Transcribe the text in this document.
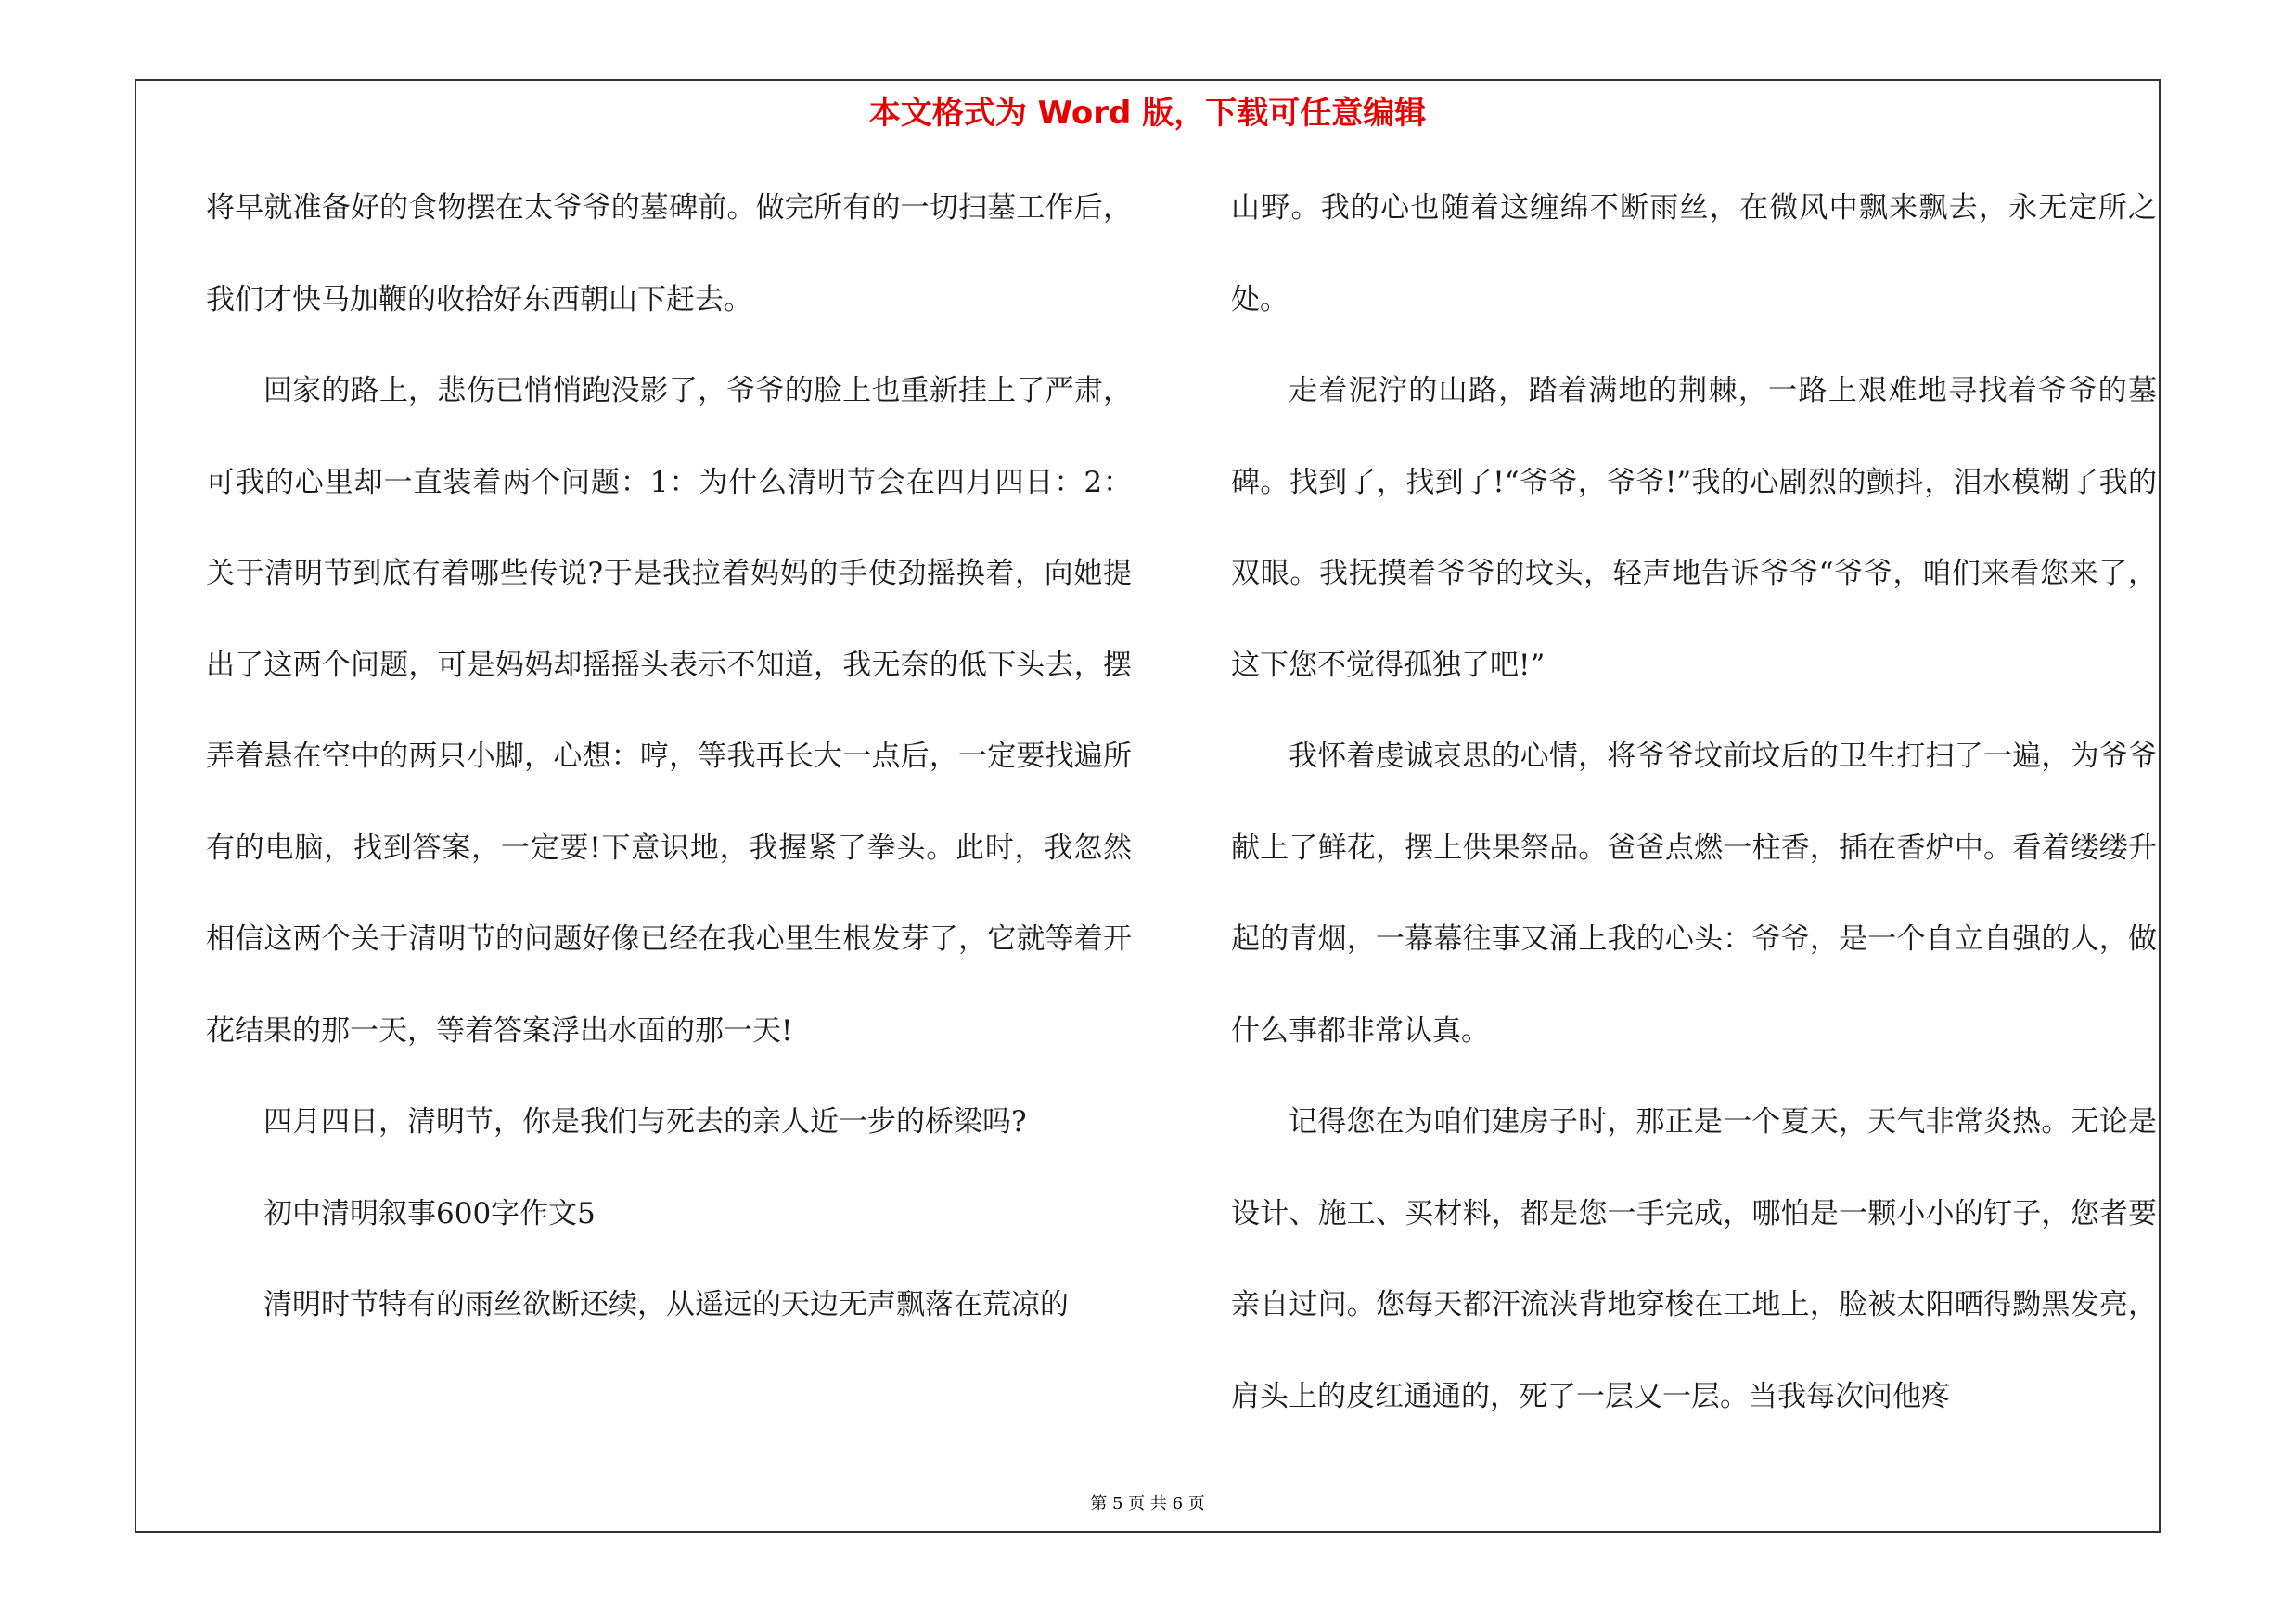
本文格式为 Word 版，下载可任意编辑

将早就准备好的食物摆在太爷爷的墓碑前。做完所有的一切扫墓工作后，我们才快马加鞭的收拾好东西朝山下赶去。

回家的路上，悲伤已悄悄跑没影了，爷爷的脸上也重新挂上了严肃，可我的心里却一直装着两个问题：1：为什么清明节会在四月四日：2：关于清明节到底有着哪些传说?于是我拉着妈妈的手使劲摇换着，向她提出了这两个问题，可是妈妈却摇摇头表示不知道，我无奈的低下头去，摆弄着悬在空中的两只小脚，心想：哼，等我再长大一点后，一定要找遍所有的电脑，找到答案，一定要!下意识地，我握紧了拳头。此时，我忽然相信这两个关于清明节的问题好像已经在我心里生根发芽了，它就等着开花结果的那一天，等着答案浮出水面的那一天!

四月四日，清明节，你是我们与死去的亲人近一步的桥梁吗?

初中清明叙事600字作文5

清明时节特有的雨丝欲断还续，从遥远的天边无声飘落在荒凉的

山野。我的心也随着这缠绵不断雨丝，在微风中飘来飘去，永无定所之处。

走着泥泞的山路，踏着满地的荆棘，一路上艰难地寻找着爷爷的墓碑。找到了，找到了!“爷爷，爷爷!”我的心剧烈的颤抖，泪水模糊了我的双眼。我抚摸着爷爷的坟头，轻声地告诉爷爷“爷爷，咱们来看您来了，这下您不觉得孤独了吧!”

我怀着虔诚哀思的心情，将爷爷坟前坟后的卫生打扫了一遍，为爷爷献上了鲜花，摆上供果祭品。爸爸点燃一柱香，插在香炉中。看着缕缕升起的青烟，一幕幕往事又涌上我的心头：爷爷，是一个自立自强的人，做什么事都非常认真。

记得您在为咱们建房子时，那正是一个夏天，天气非常炎热。无论是设计、施工、买材料，都是您一手完成，哪怕是一颗小小的钉子，您者要亲自过问。您每天都汗流浃背地穿梭在工地上，脸被太阳晒得黝黑发亮，肩头上的皮红通通的，死了一层又一层。当我每次问他疼

第 5 页 共 6 页
